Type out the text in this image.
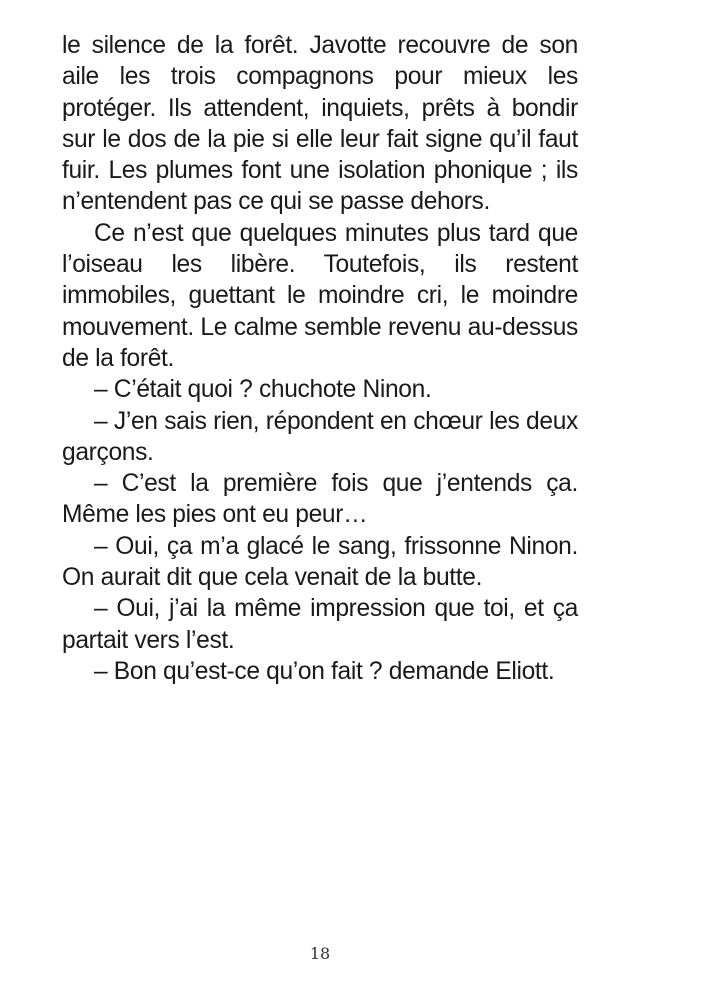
le silence de la forêt. Javotte recouvre de son aile les trois compagnons pour mieux les protéger. Ils attendent, inquiets, prêts à bondir sur le dos de la pie si elle leur fait signe qu’il faut fuir. Les plumes font une isolation phonique ; ils n’entendent pas ce qui se passe dehors.

Ce n’est que quelques minutes plus tard que l’oiseau les libère. Toutefois, ils restent immobiles, guettant le moindre cri, le moindre mouvement. Le calme semble revenu au-dessus de la forêt.

– C’était quoi ? chuchote Ninon.

– J’en sais rien, répondent en chœur les deux garçons.

– C’est la première fois que j’entends ça. Même les pies ont eu peur…

– Oui, ça m’a glacé le sang, frissonne Ninon. On aurait dit que cela venait de la butte.

– Oui, j’ai la même impression que toi, et ça partait vers l’est.

– Bon qu’est-ce qu’on fait ? demande Eliott.

18
